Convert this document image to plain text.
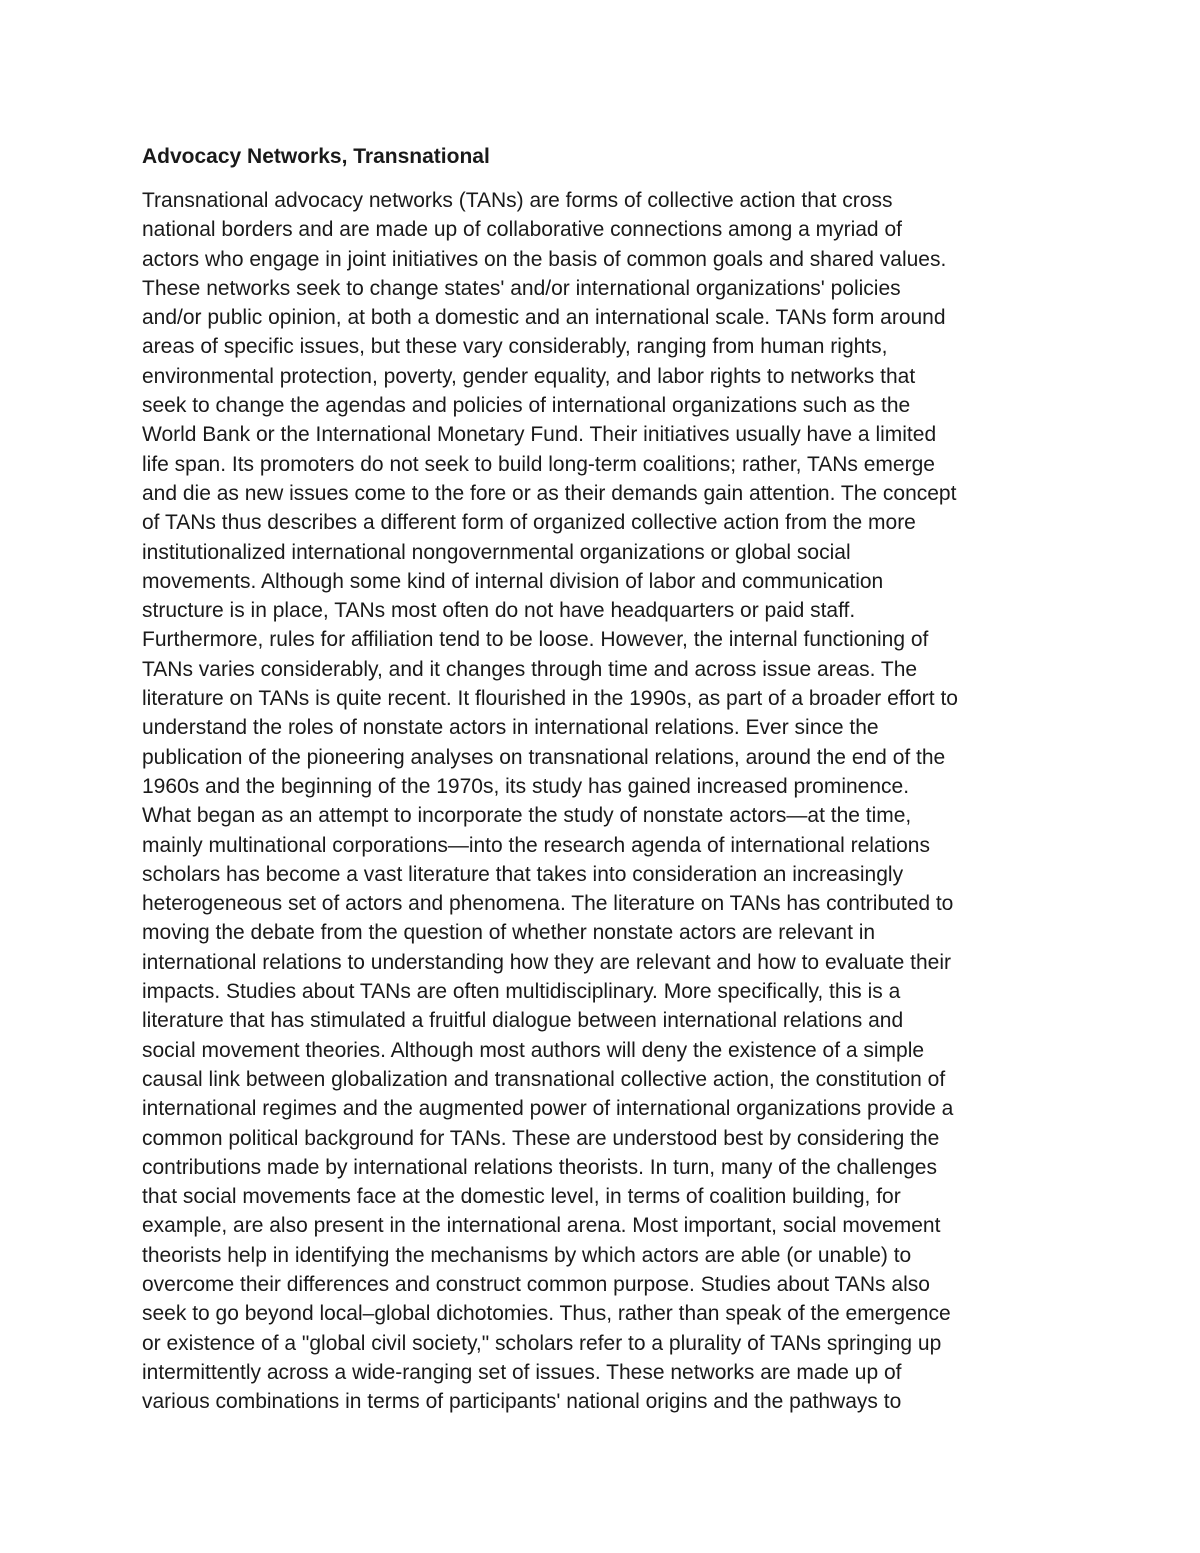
Advocacy Networks, Transnational
Transnational advocacy networks (TANs) are forms of collective action that cross
national borders and are made up of collaborative connections among a myriad of
actors who engage in joint initiatives on the basis of common goals and shared values.
These networks seek to change states' and/or international organizations' policies
and/or public opinion, at both a domestic and an international scale. TANs form around
areas of specific issues, but these vary considerably, ranging from human rights,
environmental protection, poverty, gender equality, and labor rights to networks that
seek to change the agendas and policies of international organizations such as the
World Bank or the International Monetary Fund. Their initiatives usually have a limited
life span. Its promoters do not seek to build long-term coalitions; rather, TANs emerge
and die as new issues come to the fore or as their demands gain attention. The concept
of TANs thus describes a different form of organized collective action from the more
institutionalized international nongovernmental organizations or global social
movements. Although some kind of internal division of labor and communication
structure is in place, TANs most often do not have headquarters or paid staff.
Furthermore, rules for affiliation tend to be loose. However, the internal functioning of
TANs varies considerably, and it changes through time and across issue areas. The
literature on TANs is quite recent. It flourished in the 1990s, as part of a broader effort to
understand the roles of nonstate actors in international relations. Ever since the
publication of the pioneering analyses on transnational relations, around the end of the
1960s and the beginning of the 1970s, its study has gained increased prominence.
What began as an attempt to incorporate the study of nonstate actors—at the time,
mainly multinational corporations—into the research agenda of international relations
scholars has become a vast literature that takes into consideration an increasingly
heterogeneous set of actors and phenomena. The literature on TANs has contributed to
moving the debate from the question of whether nonstate actors are relevant in
international relations to understanding how they are relevant and how to evaluate their
impacts. Studies about TANs are often multidisciplinary. More specifically, this is a
literature that has stimulated a fruitful dialogue between international relations and
social movement theories. Although most authors will deny the existence of a simple
causal link between globalization and transnational collective action, the constitution of
international regimes and the augmented power of international organizations provide a
common political background for TANs. These are understood best by considering the
contributions made by international relations theorists. In turn, many of the challenges
that social movements face at the domestic level, in terms of coalition building, for
example, are also present in the international arena. Most important, social movement
theorists help in identifying the mechanisms by which actors are able (or unable) to
overcome their differences and construct common purpose. Studies about TANs also
seek to go beyond local–global dichotomies. Thus, rather than speak of the emergence
or existence of a "global civil society," scholars refer to a plurality of TANs springing up
intermittently across a wide-ranging set of issues. These networks are made up of
various combinations in terms of participants' national origins and the pathways to
